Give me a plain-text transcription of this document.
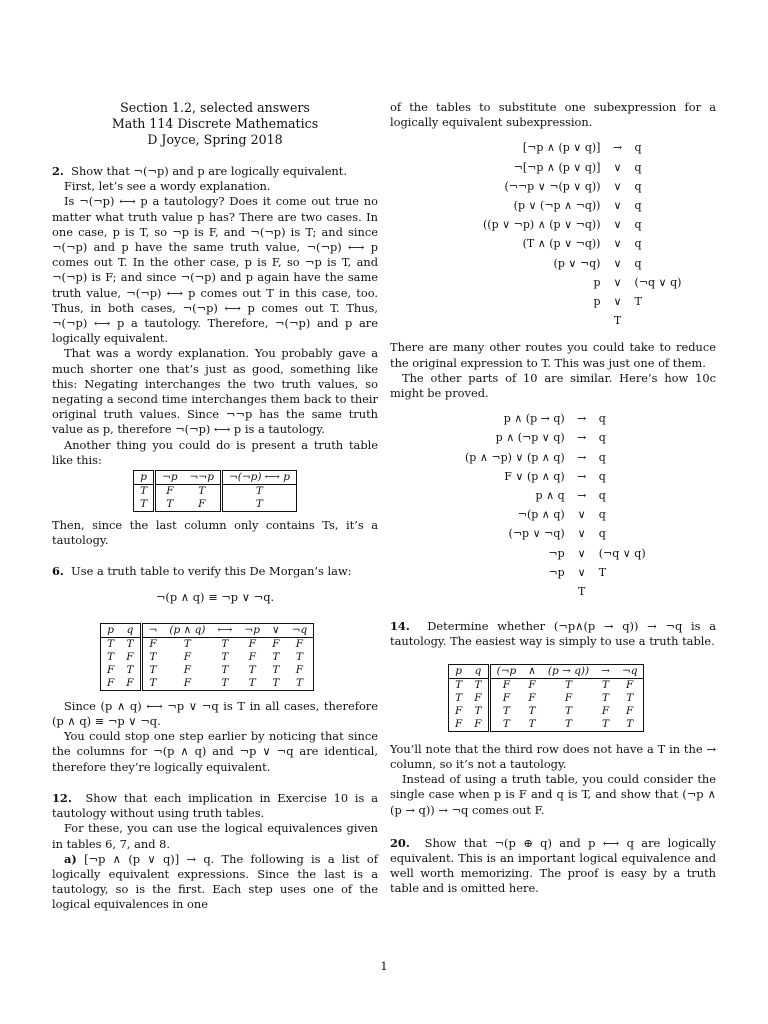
Section 1.2, selected answers
Math 114 Discrete Mathematics
D Joyce, Spring 2018

2. Show that ¬(¬p) and p are logically equivalent.

First, let’s see a wordy explanation.

Is ¬(¬p) ⟷ p a tautology? Does it come out true no matter what truth value p has? There are two cases. In one case, p is T, so ¬p is F, and ¬(¬p) is T; and since ¬(¬p) and p have the same truth value, ¬(¬p) ⟷ p comes out T. In the other case, p is F, so ¬p is T, and ¬(¬p) is F; and since ¬(¬p) and p again have the same truth value, ¬(¬p) ⟷ p comes out T in this case, too. Thus, in both cases, ¬(¬p) ⟷ p comes out T. Thus, ¬(¬p) ⟷ p a tautology. Therefore, ¬(¬p) and p are logically equivalent.

That was a wordy explanation. You probably gave a much shorter one that’s just as good, something like this: Negating interchanges the two truth values, so negating a second time interchanges them back to their original truth values. Since ¬¬p has the same truth value as p, therefore ¬(¬p) ⟷ p is a tautology.

Another thing you could do is present a truth table like this:

p	¬p	¬¬p	¬(¬p) ⟷ p
T	F	T	T
T	T	F	T

Then, since the last column only contains Ts, it’s a tautology.

6. Use a truth table to verify this De Morgan’s law:

¬(p ∧ q) ≡ ¬p ∨ ¬q.

p	q	¬	(p ∧ q)	⟷	¬p	∨	¬q
T	T	F	T	T	F	F	F
T	F	T	F	T	F	T	T
F	T	T	F	T	T	T	F
F	F	T	F	T	T	T	T

Since (p ∧ q) ⟷ ¬p ∨ ¬q is T in all cases, therefore (p ∧ q) ≡ ¬p ∨ ¬q.

You could stop one step earlier by noticing that since the columns for ¬(p ∧ q) and ¬p ∨ ¬q are identical, therefore they’re logically equivalent.

12. Show that each implication in Exercise 10 is a tautology without using truth tables.

For these, you can use the logical equivalences given in tables 6, 7, and 8.

a) [¬p ∧ (p ∨ q)] → q. The following is a list of logically equivalent expressions. Since the last is a tautology, so is the first. Each step uses one of the logical equivalences in one

of the tables to substitute one subexpression for a logically equivalent subexpression.

[¬p ∧ (p ∨ q)]	→	q
¬[¬p ∧ (p ∨ q)]	∨	q
(¬¬p ∨ ¬(p ∨ q))	∨	q
(p ∨ (¬p ∧ ¬q))	∨	q
((p ∨ ¬p) ∧ (p ∨ ¬q))	∨	q
(T ∧ (p ∨ ¬q))	∨	q
(p ∨ ¬q)	∨	q
p	∨	(¬q ∨ q)
p	∨	T
	T	

There are many other routes you could take to reduce the original expression to T. This was just one of them.

The other parts of 10 are similar. Here’s how 10c might be proved.

p ∧ (p → q)	→	q
p ∧ (¬p ∨ q)	→	q
(p ∧ ¬p) ∨ (p ∧ q)	→	q
F ∨ (p ∧ q)	→	q
p ∧ q	→	q
¬(p ∧ q)	∨	q
(¬p ∨ ¬q)	∨	q
¬p	∨	(¬q ∨ q)
¬p	∨	T
	T	

14. Determine whether (¬p∧(p → q)) → ¬q is a tautology. The easiest way is simply to use a truth table.

p	q	(¬p	∧	(p → q))	→	¬q
T	T	F	F	T	T	F
T	F	F	F	F	T	T
F	T	T	T	T	F	F
F	F	T	T	T	T	T

You’ll note that the third row does not have a T in the → column, so it’s not a tautology.

Instead of using a truth table, you could consider the single case when p is F and q is T, and show that (¬p ∧ (p → q)) → ¬q comes out F.

20. Show that ¬(p ⊕ q) and p ⟷ q are logically equivalent. This is an important logical equivalence and well worth memorizing. The proof is easy by a truth table and is omitted here.

1
